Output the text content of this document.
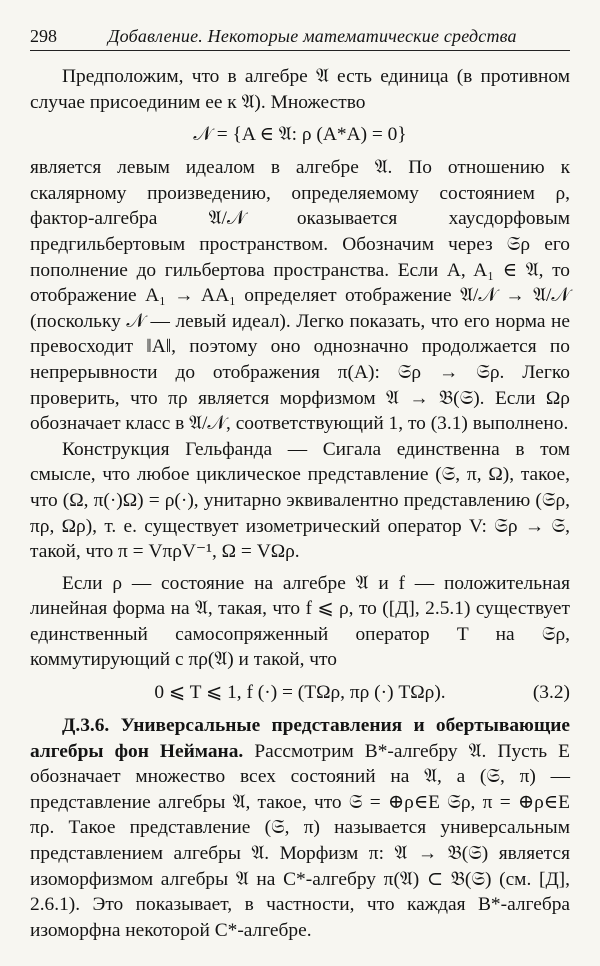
298	Добавление. Некоторые математические средства

Предположим, что в алгебре 𝔄 есть единица (в противном случае присоединим ее к 𝔄). Множество

𝒩 = {A ∈ 𝔄: ρ (A*A) = 0}

является левым идеалом в алгебре 𝔄. По отношению к скалярному произведению, определяемому состоянием ρ, фактор-алгебра 𝔄/𝒩 оказывается хаусдорфовым предгильбертовым пространством. Обозначим через 𝔖ρ его пополнение до гильбертова пространства. Если A, A₁ ∈ 𝔄, то отображение A₁ → AA₁ определяет отображение 𝔄/𝒩 → 𝔄/𝒩 (поскольку 𝒩 — левый идеал). Легко показать, что его норма не превосходит ‖A‖, поэтому оно однозначно продолжается по непрерывности до отображения π(A): 𝔖ρ → 𝔖ρ. Легко проверить, что πρ является морфизмом 𝔄 → 𝔅(𝔖). Если Ωρ обозначает класс в 𝔄/𝒩, соответствующий 1, то (3.1) выполнено.

Конструкция Гельфанда — Сигала единственна в том смысле, что любое циклическое представление (𝔖, π, Ω), такое, что (Ω, π(·)Ω) = ρ(·), унитарно эквивалентно представлению (𝔖ρ, πρ, Ωρ), т. е. существует изометрический оператор V: 𝔖ρ → 𝔖, такой, что π = VπρV⁻¹, Ω = VΩρ.

Если ρ — состояние на алгебре 𝔄 и f — положительная линейная форма на 𝔄, такая, что f ⩽ ρ, то ([Д], 2.5.1) существует единственный самосопряженный оператор T на 𝔖ρ, коммутирующий с πρ(𝔄) и такой, что

0 ⩽ T ⩽ 1, f (·) = (TΩρ, πρ (·) TΩρ).	(3.2)

Д.3.6. Универсальные представления и обертывающие алгебры фон Неймана. Рассмотрим B*-алгебру 𝔄. Пусть E обозначает множество всех состояний на 𝔄, а (𝔖, π) — представление алгебры 𝔄, такое, что 𝔖 = ⊕ρ∈E 𝔖ρ, π = ⊕ρ∈E πρ. Такое представление (𝔖, π) называется универсальным представлением алгебры 𝔄. Морфизм π: 𝔄 → 𝔅(𝔖) является изоморфизмом алгебры 𝔄 на C*-алгебру π(𝔄) ⊂ 𝔅(𝔖) (см. [Д], 2.6.1). Это показывает, в частности, что каждая B*-алгебра изоморфна некоторой C*-алгебре.
